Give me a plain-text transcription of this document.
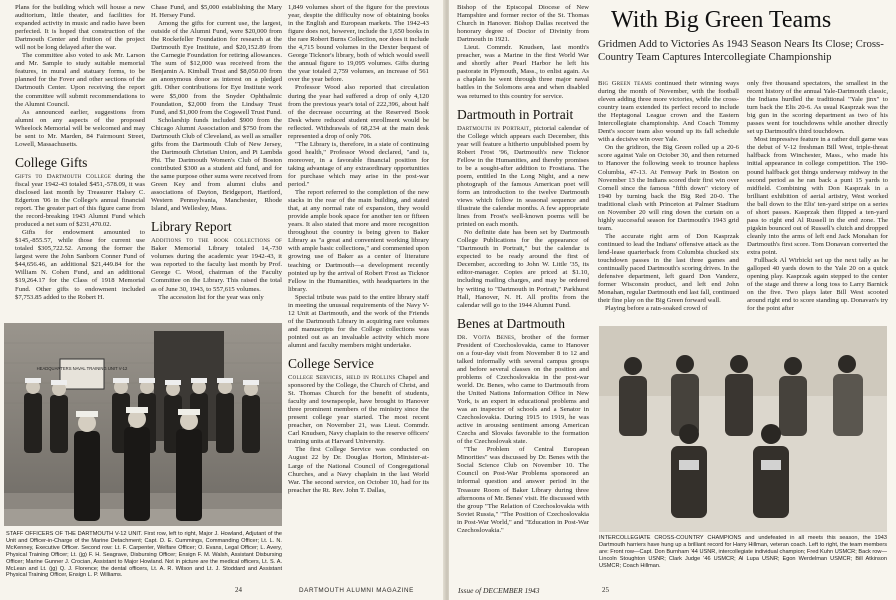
Plans for the building which will house a new auditorium, little theater, and facilities for expanded activity in music and radio have been perfected. It is hoped that construction of the Dartmouth Center and fruition of the project will not be long delayed after the war.

The committee also voted to ask Mr. Larson and Mr. Sample to study suitable memorial features, in mural and statuary forms, to be planned for the Fover and other sections of the Dartmouth Center. Upon receiving the report the committee will submit recommendations to the Alumni Council.

As announced earlier, suggestions from alumni on any aspects of the proposed Wheelock Memorial will be welcomed and may be sent to Mr. Marden, 84 Fairmount Street, Lowell, Massachusetts.

College Gifts

Gifts to Dartmouth College during the fiscal year 1942-43 totaled $451,-578.09, it was disclosed last month by Treasurer Halsey C. Edgerton '06 in the College's annual financial report. The greater part of this figure came from the record-breaking 1943 Alumni Fund which produced a net sum of $231,470.02.

Gifts for endowment amounted to $145,-855.57, while those for current use totaled $305,722.52. Among the former the largest were the John Sanborn Conner Fund of $44,656.46, an additional $21,449.84 for the William N. Cohen Fund, and an additional $19,264.17 for the Class of 1918 Memorial Fund. Other gifts to endowment included $7,753.85 added to the Robert H.

Chase Fund, and $5,000 establishing the Mary H. Hersey Fund.

Among the gifts for current use, the largest, outside of the Alumni Fund, were $20,000 from the Rockefeller Foundation for research at the Dartmouth Eye Institute, and $20,152.89 from the Carnegie Foundation for retiring allowances. The sum of $12,000 was received from the Benjamin A. Kimball Trust and $8,050.00 from an anonymous donor as interest on a pledged gift. Other contributions for Eye Institute work were $5,000 from the Snyder Ophthalmic Foundation, $2,000 from the Lindsay Trust Fund, and $1,000 from the Cogswell Trust Fund.

Scholarship funds included $900 from the Chicago Alumni Association and $750 from the Dartmouth Club of Cleveland, as well as smaller gifts from the Dartmouth Club of New Jersey, the Dartmouth Christian Union, and Pi Lambda Phi. The Dartmouth Women's Club of Boston contributed $300 as a student aid fund, and for the same purpose other sums were received from Green Key and from alumni clubs and associations of Dayton, Bridgeport, Hartford, Western Pennsylvania, Manchester, Rhode Island, and Wellesley, Mass.

Library Report

Additions to the book collections of Baker Memorial Library totaled 14,-730 volumes during the academic year 1942-43, it was reported to the faculty last month by Prof. George C. Wood, chairman of the Faculty Committee on the Library. This raised the total as of June 30, 1943, to 557,615 volumes.

The accession list for the year was only

1,849 volumes short of the figure for the previous year, despite the difficulty now of obtaining books in the English and European markets. The 1942-43 figure does not, however, include the 1,650 books in the rare Robert Burns Collection, nor does it include the 4,715 bound volumes in the Dexter bequest of George Ticknor's library, both of which would swell the annual figure to 19,095 volumes. Gifts during the year totaled 2,759 volumes, an increase of 561 over the year before.

Professor Wood also reported that circulation during the year had suffered a drop of only 4,120 from the previous year's total of 222,396, about half of the decrease occurring at the Reserved Book Desk where reduced student enrollment would be reflected. Withdrawals of 68,234 at the main desk represented a drop of only 706.

"The Library is, therefore, in a state of continuing good health," Professor Wood declared, "and is, moreover, in a favorable financial position for taking advantage of any extraordinary opportunities for purchase which may arise in the post-war period."

The report referred to the completion of the new stacks in the rear of the main building, and stated that, at any normal rate of expansion, they would provide ample book space for another ten or fifteen years. It also stated that more and more recognition throughout the country is being given to Baker Library as "a great and convenient working library with ample basic collections," and commented upon growing use of Baker as a center of literature teaching or Dartmouth—a development recently pointed up by the arrival of Robert Frost as Ticknor Fellow in the Humanities, with headquarters in the library.

Special tribute was paid to the entire library staff in meeting the unusual requirements of the Navy V-12 Unit at Dartmouth, and the work of the Friends of the Dartmouth Library in acquiring rare volumes and manuscripts for the College collections was pointed out as an invaluable activity which more alumni and faculty members might undertake.

College Service

College Services, held in Rollins Chapel and sponsored by the College, the Church of Christ, and St. Thomas Church for the benefit of students, faculty and townspeople, have brought to Hanover three prominent members of the ministry since the present college year started. The most recent preacher, on November 21, was Lieut. Commdr. Carl Knudsen, Navy chaplain to the reserve officers' training units at Harvard University.

The first College Service was conducted on August 22 by Dr. Douglas Horton, Minister-at-Large of the National Council of Congregational Churches, and a Navy chaplain in the last World War. The second service, on October 10, had for its preacher the Rt. Rev. John T. Dallas,

HEADQUARTERS NAVAL TRAINING UNIT V-12
STAFF OFFICERS OF THE DARTMOUTH V-12 UNIT. First row, left to right, Major J. Howland, Adjutant of the Unit and Officer-in-Charge of the Marine Detachment; Capt. D. E. Cummings, Commanding Officer; Lt. L. N. McKenney, Executive Officer. Second row: Lt. F. Carpenter, Welfare Officer; O. Evans, Legal Officer; L. Avery, Physical Training Officer; Lt. (jg) F. H. Seagrave, Disbursing Officer; Ensign F. M. Walsh, Assistant Disbursing Officer; Marine Gunner J. Crocian, Assistant to Major Howland. Not in picture are the medical officers, Lt. S. A. McLean and Lt. (jg) Q. J. Florence; the dental officers, Lt. A. R. Wilson and Lt. J. Stoddard and Assistant Physical Training Officer, Ensign L. P. Williams.
24	DARTMOUTH ALUMNI MAGAZINE

Bishop of the Episcopal Diocese of New Hampshire and former rector of the St. Thomas Church in Hanover. Bishop Dallas received the honorary degree of Doctor of Divinity from Dartmouth in 1921.

Lieut. Commdr. Knudsen, last month's preacher, was a Marine in the first World War and shortly after Pearl Harbor he left his pastorate in Plymouth, Mass., to enlist again. As a chaplain he went through three major naval battles in the Solomons area and when disabled was returned to this country for service.

Dartmouth in Portrait

Dartmouth in Portrait, pictorial calendar of the College which appears each December, this year will feature a hitherto unpublished poem by Robert Frost '96, Dartmouth's new Ticknor Fellow in the Humanities, and thereby promises to be a sought-after addition to Frostiana. The poem, entitled In the Long Night, and a new photograph of the famous American poet will form an introduction to the twelve Dartmouth views which follow in seasonal sequence and illustrate the calendar months. A few appropriate lines from Frost's well-known poems will be printed on each month.

No definite date has been set by Dartmouth College Publications for the appearance of "Dartmouth in Portrait," but the calendar is expected to be ready around the first of December, according to John W. Little '35, its editor-manager. Copies are priced at $1.10, including mailing charges, and may be ordered by writing to "Dartmouth in Portrait," Parkhurst Hall, Hanover, N. H. All profits from the calendar will go to the 1944 Alumni Fund.

Benes at Dartmouth

Dr. Vojta Benes, brother of the former President of Czechoslovakia, came to Hanover on a four-day visit from November 8 to 12 and talked informally with several campus groups and before several classes on the position and problems of Czechoslovakia in the post-war world. Dr. Benes, who came to Dartmouth from the United Nations Information Office in New York, is an expert in educational problems and was an inspector of schools and a Senator in Czechoslovakia. During 1915 to 1919, he was active in arousing sentiment among American Czechs and Slovaks favorable to the formation of the Czechoslovak state.

"The Problem of Central European Minorities" was discussed by Dr. Benes with the Social Science Club on November 10. The Council on Post-War Problems sponsored an informal question and answer period in the Treasure Room of Baker Library during three afternoons of Mr. Benes' visit. He discussed with the group "The Relation of Czechoslovakia with Soviet Russia," "The Position of Czechoslovakia in Post-War World," and "Education in Post-War Czechoslovakia."

With Big Green Teams
Gridmen Add to Victories As 1943 Season Nears Its Close; Cross-Country Team Captures Intercollegiate Championship

Big Green teams continued their winning ways during the month of November, with the football eleven adding three more victories, while the cross-country team extended its perfect record to include the Heptagonal League crown and the Eastern Intercollegiate championship. And Coach Tommy Dent's soccer team also wound up its fall schedule with a decisive win over Yale.

On the gridiron, the Big Green rolled up a 20-6 score against Yale on October 30, and then returned to Hanover the following week to trounce hapless Columbia, 47-13. At Fenway Park in Boston on November 13 the Indians scored their first win over Cornell since the famous "fifth down" victory of 1940 by turning back the Big Red 20-0. The traditional clash with Princeton at Palmer Stadium on November 20 will ring down the curtain on a highly successful season for Dartmouth's 1943 grid team.

The accurate right arm of Don Kasprzak continued to lead the Indians' offensive attack as the lend-lease quarterback from Columbia chucked six touchdown passes in the last three games and continually paced Dartmouth's scoring drives. In the defensive department, left guard Don Vanderz, former Wisconsin product, and left end John Monahan, regular Dartmouth end last fall, continued their fine play on the Big Green forward wall.

Playing before a rain-soaked crowd of

only five thousand spectators, the smallest in the recent history of the annual Yale-Dartmouth classic, the Indians hurdled the traditional "Yale jinx" to turn back the Elis 20-6. As usual Kasprzak was the big gun in the scoring department as two of his passes went for touchdowns while another directly set up Dartmouth's third touchdown.

Most impressive feature in a rather dull game was the debut of V-12 freshman Bill West, triple-threat halfback from Winchester, Mass., who made his initial appearance in college competition. The 190-pound halfback got things underway midway in the second period as he ran back a punt 15 yards to midfield. Combining with Don Kasprzak in a brilliant exhibition of aerial artistry, West worked the ball down to the Elis' ten-yard stripe on a series of short passes. Kasprzak then flipped a ten-yard pass to right end Al Russell in the end zone. The pigskin bounced out of Russell's clutch and dropped cleanly into the arms of left end Jack Monahan for Dartmouth's first score. Tom Donavan converted the extra point.

Fullback Al Wirbicki set up the next tally as he galloped 40 yards down to the Yale 20 on a quick opening play. Kasprzak again stepped to the center of the stage and threw a long toss to Larry Barnick on the five. Two plays later Bill West scooted around right end to score standing up. Donavan's try for the point after

INTERCOLLEGIATE CROSS-COUNTRY CHAMPIONS and undefeated in all meets this season, the 1943 Dartmouth harriers have hung up a brilliant record for Harry Hillman, veteran coach. Left to right, the team members are: Front row—Capt. Don Burnham '44 USNR, intercollegiate individual champion; Fred Kuhn USMCR; Back row—Lincoln Stoughton USNR; Clark Judge '46 USMCR; Al Lupa USNR; Egon Werdelman USMCR; Bill Atkinson USMCR; Coach Hillman.
Issue of DECEMBER 1943	25
